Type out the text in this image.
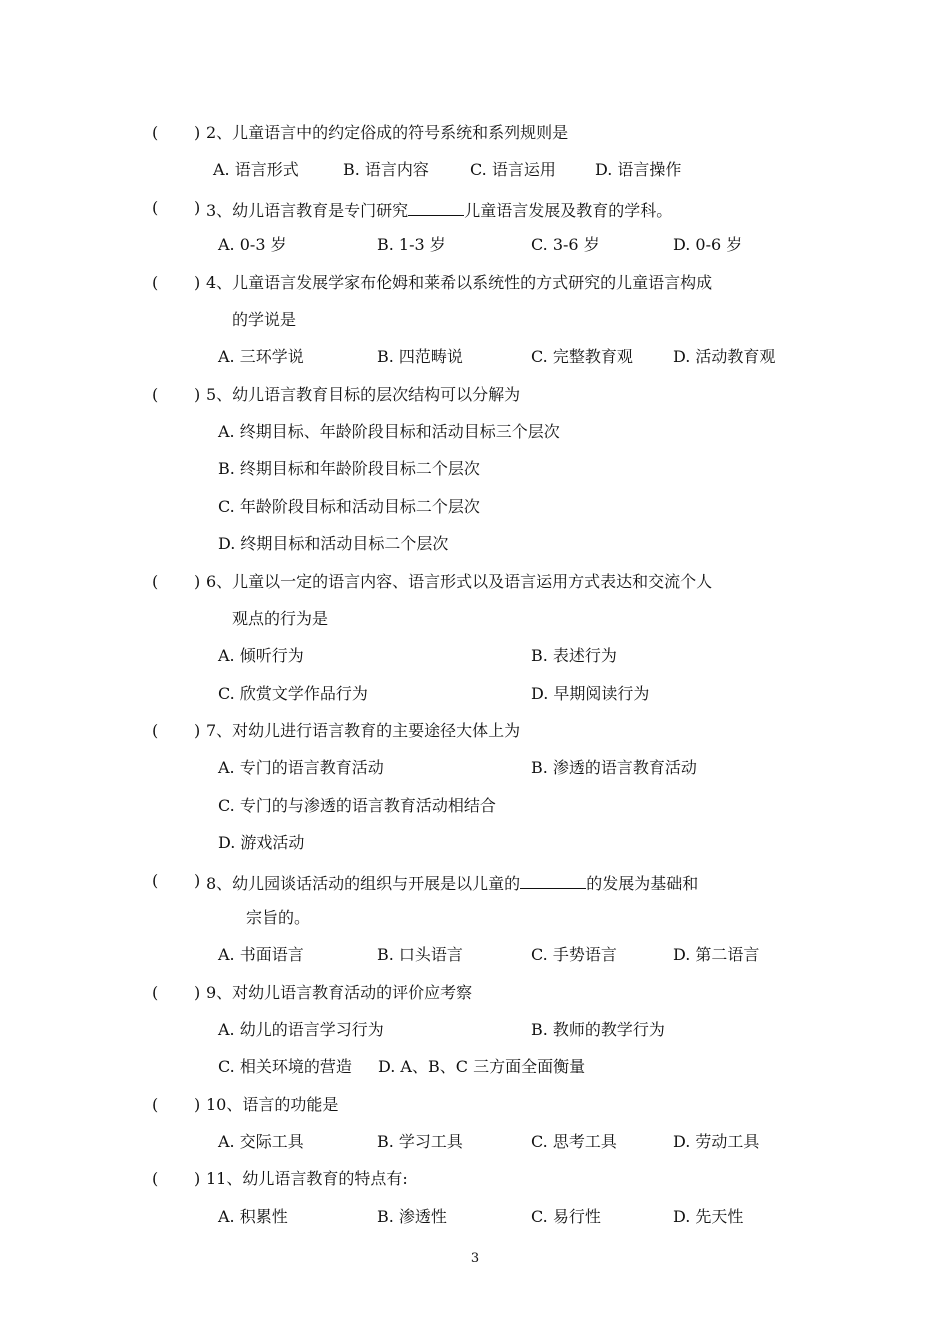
( ) 2、儿童语言中的约定俗成的符号系统和系列规则是
A. 语言形式	B. 语言内容	C. 语言运用 D. 语言操作
( ) 3、幼儿语言教育是专门研究	儿童语言发展及教育的学科。
A. 0-3 岁	B. 1-3 岁	C. 3-6 岁	D. 0-6 岁
( ) 4、儿童语言发展学家布伦姆和莱希以系统性的方式研究的儿童语言构成
的学说是
A. 三环学说	B. 四范畴说	C. 完整教育观	D. 活动教育观
( ) 5、幼儿语言教育目标的层次结构可以分解为
A. 终期目标、年龄阶段目标和活动目标三个层次
B. 终期目标和年龄阶段目标二个层次
C. 年龄阶段目标和活动目标二个层次
D. 终期目标和活动目标二个层次
( ) 6、儿童以一定的语言内容、语言形式以及语言运用方式表达和交流个人
观点的行为是
A. 倾听行为	B. 表述行为
C. 欣赏文学作品行为	D. 早期阅读行为
( ) 7、对幼儿进行语言教育的主要途径大体上为
A. 专门的语言教育活动	B. 渗透的语言教育活动
C. 专门的与渗透的语言教育活动相结合
D. 游戏活动
( ) 8、幼儿园谈话活动的组织与开展是以儿童的	的发展为基础和
宗旨的。
A. 书面语言	B. 口头语言	C. 手势语言	D. 第二语言
( ) 9、对幼儿语言教育活动的评价应考察
A. 幼儿的语言学习行为	B. 教师的教学行为
C. 相关环境的营造 D. A、B、C 三方面全面衡量
( ) 10、语言的功能是
A. 交际工具	B. 学习工具	C. 思考工具	D. 劳动工具
( ) 11、幼儿语言教育的特点有:
A. 积累性	B. 渗透性	C. 易行性	D. 先天性
3
